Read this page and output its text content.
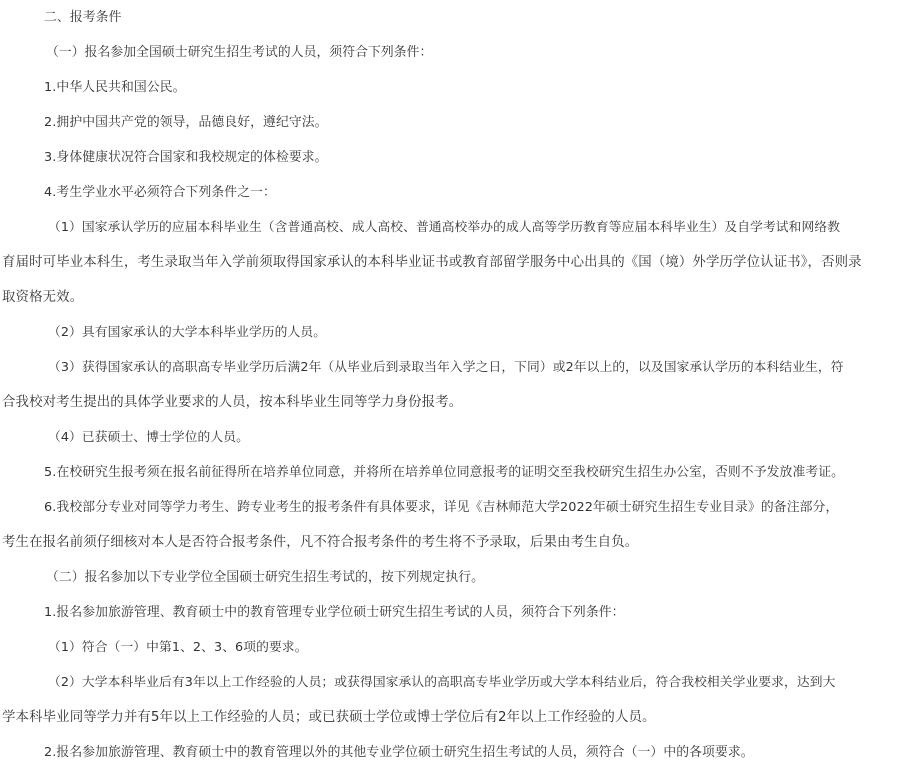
二、报考条件
（一）报名参加全国硕士研究生招生考试的人员，须符合下列条件：
1.中华人民共和国公民。
2.拥护中国共产党的领导，品德良好，遵纪守法。
3.身体健康状况符合国家和我校规定的体检要求。
4.考生学业水平必须符合下列条件之一：
（1）国家承认学历的应届本科毕业生（含普通高校、成人高校、普通高校举办的成人高等学历教育等应届本科毕业生）及自学考试和网络教
育届时可毕业本科生，考生录取当年入学前须取得国家承认的本科毕业证书或教育部留学服务中心出具的《国（境）外学历学位认证书》，否则录
取资格无效。
（2）具有国家承认的大学本科毕业学历的人员。
（3）获得国家承认的高职高专毕业学历后满2年（从毕业后到录取当年入学之日，下同）或2年以上的，以及国家承认学历的本科结业生，符
合我校对考生提出的具体学业要求的人员，按本科毕业生同等学力身份报考。
（4）已获硕士、博士学位的人员。
5.在校研究生报考须在报名前征得所在培养单位同意，并将所在培养单位同意报考的证明交至我校研究生招生办公室，否则不予发放准考证。
6.我校部分专业对同等学力考生、跨专业考生的报考条件有具体要求，详见《吉林师范大学2022年硕士研究生招生专业目录》的备注部分，
考生在报名前须仔细核对本人是否符合报考条件，凡不符合报考条件的考生将不予录取，后果由考生自负。
（二）报名参加以下专业学位全国硕士研究生招生考试的，按下列规定执行。
1.报名参加旅游管理、教育硕士中的教育管理专业学位硕士研究生招生考试的人员，须符合下列条件：
（1）符合（一）中第1、2、3、6项的要求。
（2）大学本科毕业后有3年以上工作经验的人员；或获得国家承认的高职高专毕业学历或大学本科结业后，符合我校相关学业要求，达到大
学本科毕业同等学力并有5年以上工作经验的人员；或已获硕士学位或博士学位后有2年以上工作经验的人员。
2.报名参加旅游管理、教育硕士中的教育管理以外的其他专业学位硕士研究生招生考试的人员，须符合（一）中的各项要求。
